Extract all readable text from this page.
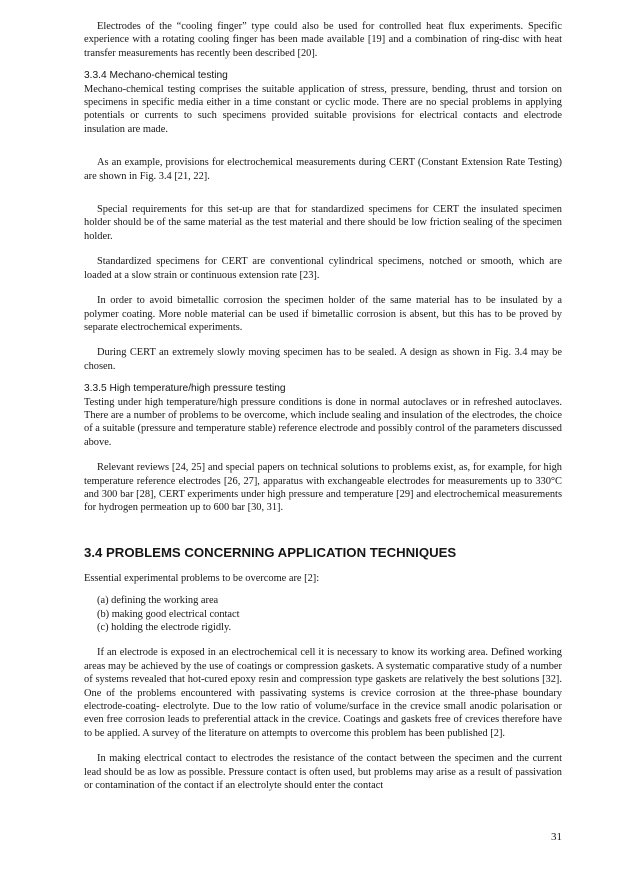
Electrodes of the “cooling finger” type could also be used for controlled heat flux experiments. Specific experience with a rotating cooling finger has been made available [19] and a combination of ring-disc with heat transfer measurements has recently been described [20].

3.3.4 Mechano-chemical testing

Mechano-chemical testing comprises the suitable application of stress, pressure, bending, thrust and torsion on specimens in specific media either in a time constant or cyclic mode. There are no special problems in applying potentials or currents to such specimens provided suitable provisions for electrical contacts and electrode insulation are made.

As an example, provisions for electrochemical measurements during CERT (Constant Extension Rate Testing) are shown in Fig. 3.4 [21, 22].

Special requirements for this set-up are that for standardized specimens for CERT the insulated specimen holder should be of the same material as the test material and there should be low friction sealing of the specimen holder.

Standardized specimens for CERT are conventional cylindrical specimens, notched or smooth, which are loaded at a slow strain or continuous extension rate [23].

In order to avoid bimetallic corrosion the specimen holder of the same material has to be insulated by a polymer coating. More noble material can be used if bimetallic corrosion is absent, but this has to be proved by separate electrochemical experiments.

During CERT an extremely slowly moving specimen has to be sealed. A design as shown in Fig. 3.4 may be chosen.

3.3.5 High temperature/high pressure testing

Testing under high temperature/high pressure conditions is done in normal autoclaves or in refreshed autoclaves. There are a number of problems to be overcome, which include sealing and insulation of the electrodes, the choice of a suitable (pressure and temperature stable) reference electrode and possibly control of the parameters discussed above.

Relevant reviews [24, 25] and special papers on technical solutions to problems exist, as, for example, for high temperature reference electrodes [26, 27], apparatus with exchangeable electrodes for measurements up to 330°C and 300 bar [28], CERT experiments under high pressure and temperature [29] and electrochemical measurements for hydrogen permeation up to 600 bar [30, 31].

3.4 PROBLEMS CONCERNING APPLICATION TECHNIQUES

Essential experimental problems to be overcome are [2]:

(a) defining the working area
(b) making good electrical contact
(c) holding the electrode rigidly.

If an electrode is exposed in an electrochemical cell it is necessary to know its working area. Defined working areas may be achieved by the use of coatings or compression gaskets. A systematic comparative study of a number of systems revealed that hot-cured epoxy resin and compression type gaskets are relatively the best solutions [32]. One of the problems encountered with passivating systems is crevice corrosion at the three-phase boundary electrode-coating- electrolyte. Due to the low ratio of volume/surface in the crevice small anodic polarisation or even free corrosion leads to preferential attack in the crevice. Coatings and gaskets free of crevices therefore have to be applied. A survey of the literature on attempts to overcome this problem has been published [2].

In making electrical contact to electrodes the resistance of the contact between the specimen and the current lead should be as low as possible. Pressure contact is often used, but problems may arise as a result of passivation or contamination of the contact if an electrolyte should enter the contact

31
